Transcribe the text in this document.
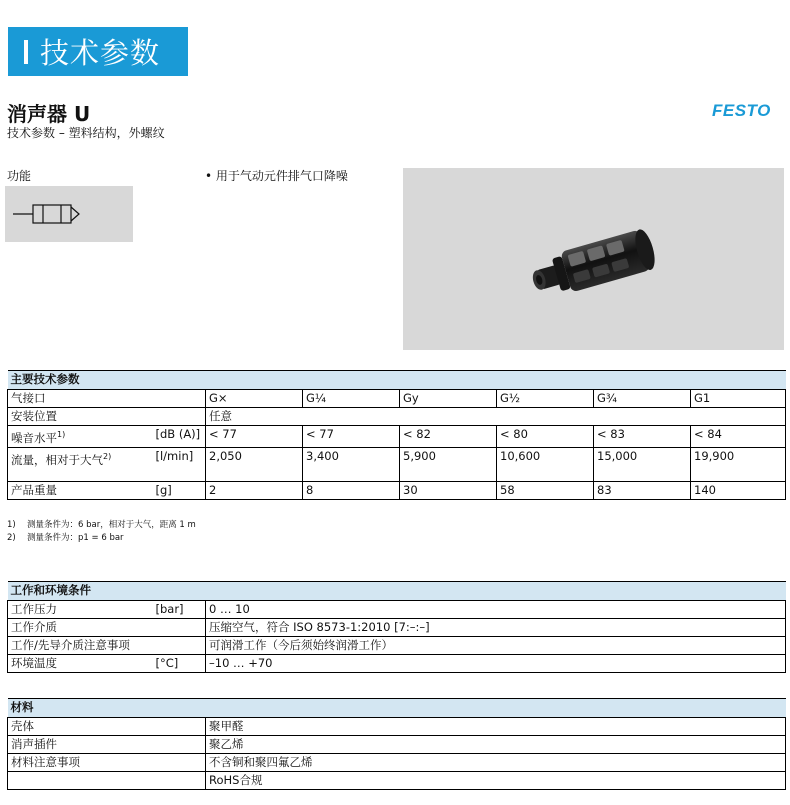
技术参数
消声器 U
技术参数 – 塑料结构，外螺纹
FESTO
功能	• 用于气动元件排气口降噪
主要技术参数							
气接口		G×	G¼	Gy	G½	G¾	G1
安装位置		任意					
噪音水平$^{1)}$	[dB (A)]	< 77	< 77	< 82	< 80	< 83	< 84
流量，相对于大气$^{2)}$	[l/min]	2,050	3,400	5,900	10,600	15,000	19,900
产品重量	[g]	2	8	30	58	83	140
1) 测量条件为：6 bar，相对于大气，距离 1 m
2) 测量条件为：p1 = 6 bar
工作和环境条件		
工作压力	[bar]	0 … 10
工作介质		压缩空气，符合 ISO 8573-1:2010 [7:–:–]
工作/先导介质注意事项		可润滑工作（今后须始终润滑工作）
环境温度	[°C]	–10 … +70
材料	
壳体	聚甲醛
消声插件	聚乙烯
材料注意事项	不含铜和聚四氟乙烯
	RoHS合规
